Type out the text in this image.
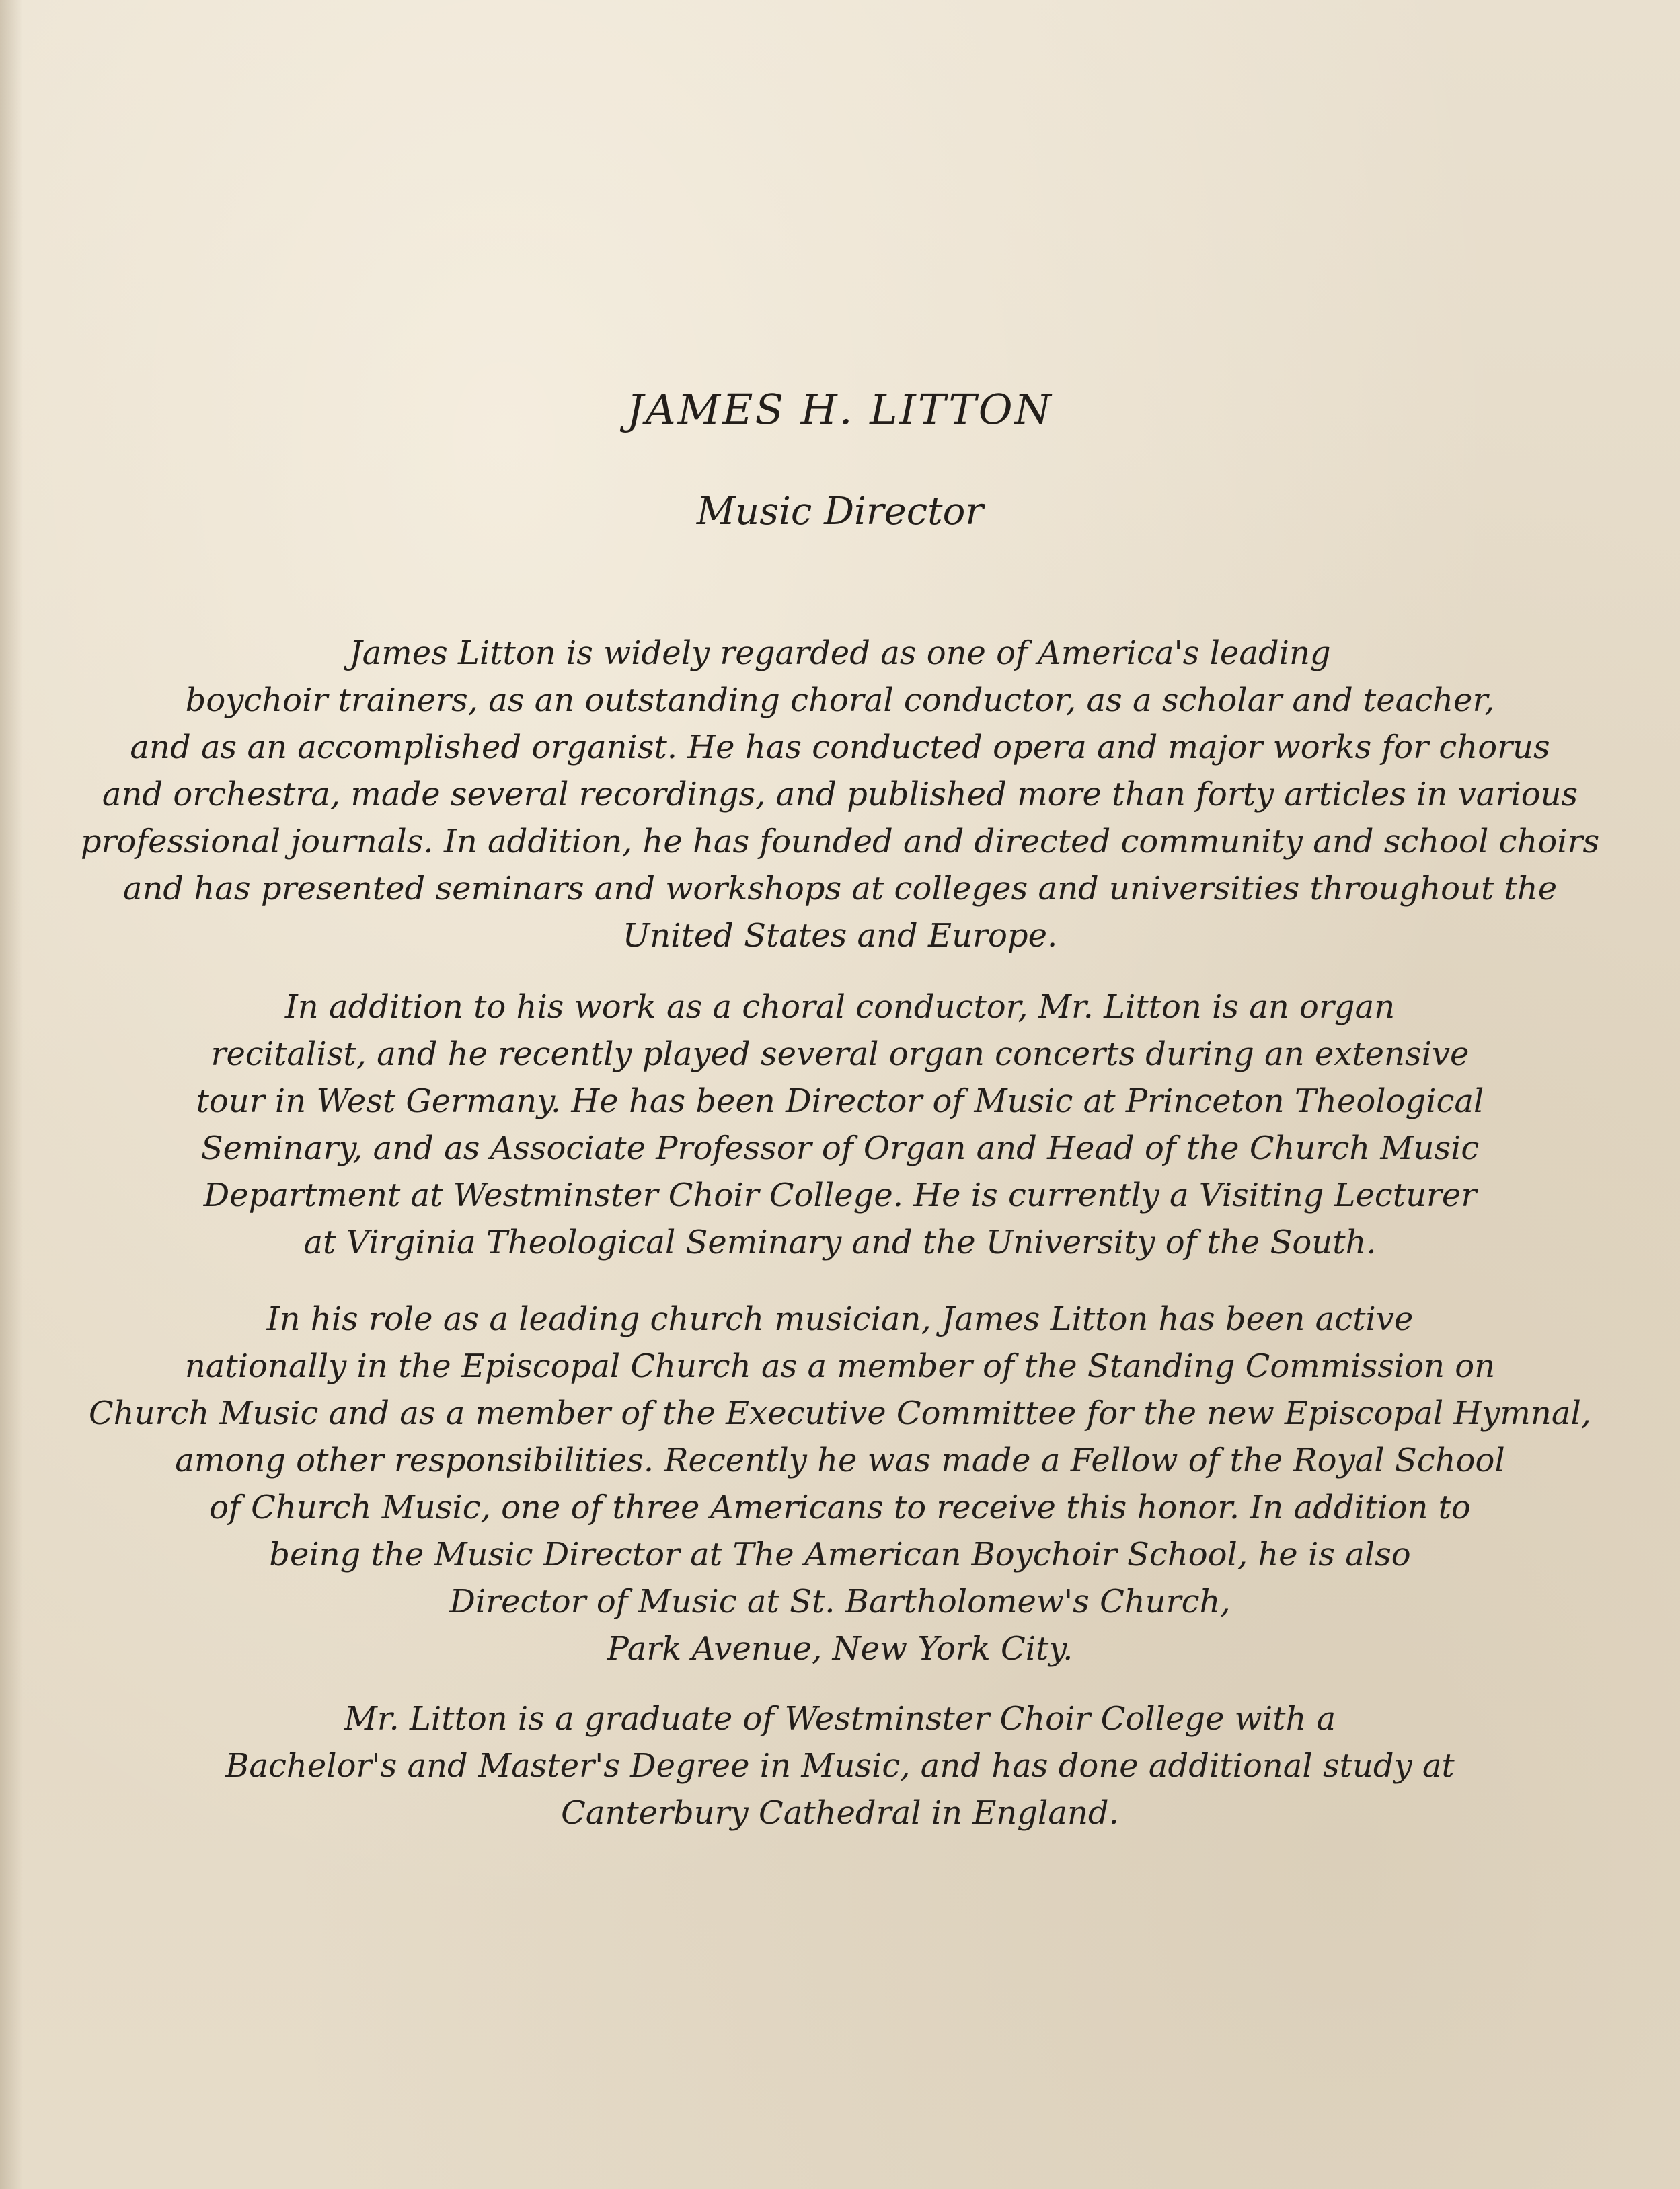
JAMES H. LITTON
Music Director
James Litton is widely regarded as one of America's leading
boychoir trainers, as an outstanding choral conductor, as a scholar and teacher,
and as an accomplished organist. He has conducted opera and major works for chorus
and orchestra, made several recordings, and published more than forty articles in various
professional journals. In addition, he has founded and directed community and school choirs
and has presented seminars and workshops at colleges and universities throughout the
United States and Europe.
In addition to his work as a choral conductor, Mr. Litton is an organ
recitalist, and he recently played several organ concerts during an extensive
tour in West Germany. He has been Director of Music at Princeton Theological
Seminary, and as Associate Professor of Organ and Head of the Church Music
Department at Westminster Choir College. He is currently a Visiting Lecturer
at Virginia Theological Seminary and the University of the South.
In his role as a leading church musician, James Litton has been active
nationally in the Episcopal Church as a member of the Standing Commission on
Church Music and as a member of the Executive Committee for the new Episcopal Hymnal,
among other responsibilities. Recently he was made a Fellow of the Royal School
of Church Music, one of three Americans to receive this honor. In addition to
being the Music Director at The American Boychoir School, he is also
Director of Music at St. Bartholomew's Church,
Park Avenue, New York City.
Mr. Litton is a graduate of Westminster Choir College with a
Bachelor's and Master's Degree in Music, and has done additional study at
Canterbury Cathedral in England.
